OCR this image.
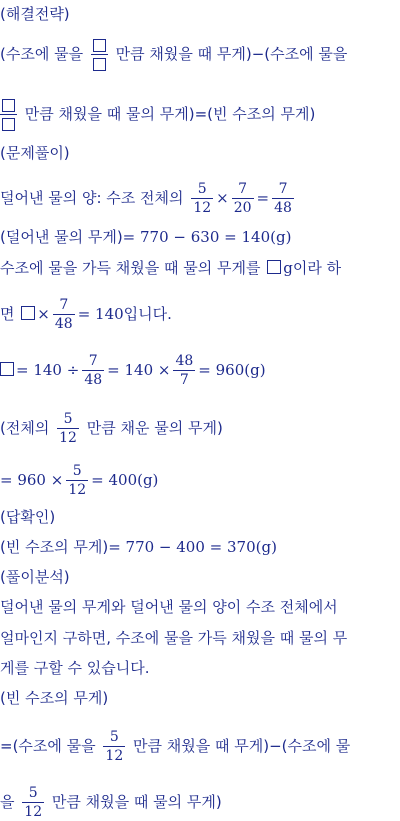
(해결전략)
(수조에 물을 만큼 채웠을 때 무게)−(수조에 물을
만큼 채웠을 때 물의 무게)=(빈 수조의 무게)
(문제풀이)
덜어낸 물의 양: 수조 전체의 $\frac{5}{12} \times \frac{7}{20} = \frac{7}{48}$
(덜어낸 물의 무게)= 770 − 630 = 140(g)
수조에 물을 가득 채웠을 때 물의 무게를 g이라 하
면 × $\frac{7}{48} = 140$입니다.
= $140 \div \frac{7}{48} = 140 \times \frac{48}{7} = 960(g)$
(전체의 $\frac{5}{12}$ 만큼 채운 물의 무게)
= $960 \times \frac{5}{12} = 400(g)$
(답확인)
(빈 수조의 무게)= 770 − 400 = 370(g)
(풀이분석)
덜어낸 물의 무게와 덜어낸 물의 양이 수조 전체에서
얼마인지 구하면, 수조에 물을 가득 채웠을 때 물의 무
게를 구할 수 있습니다.
(빈 수조의 무게)
=(수조에 물을 $\frac{5}{12}$ 만큼 채웠을 때 무게)−(수조에 물
을 $\frac{5}{12}$ 만큼 채웠을 때 물의 무게)
